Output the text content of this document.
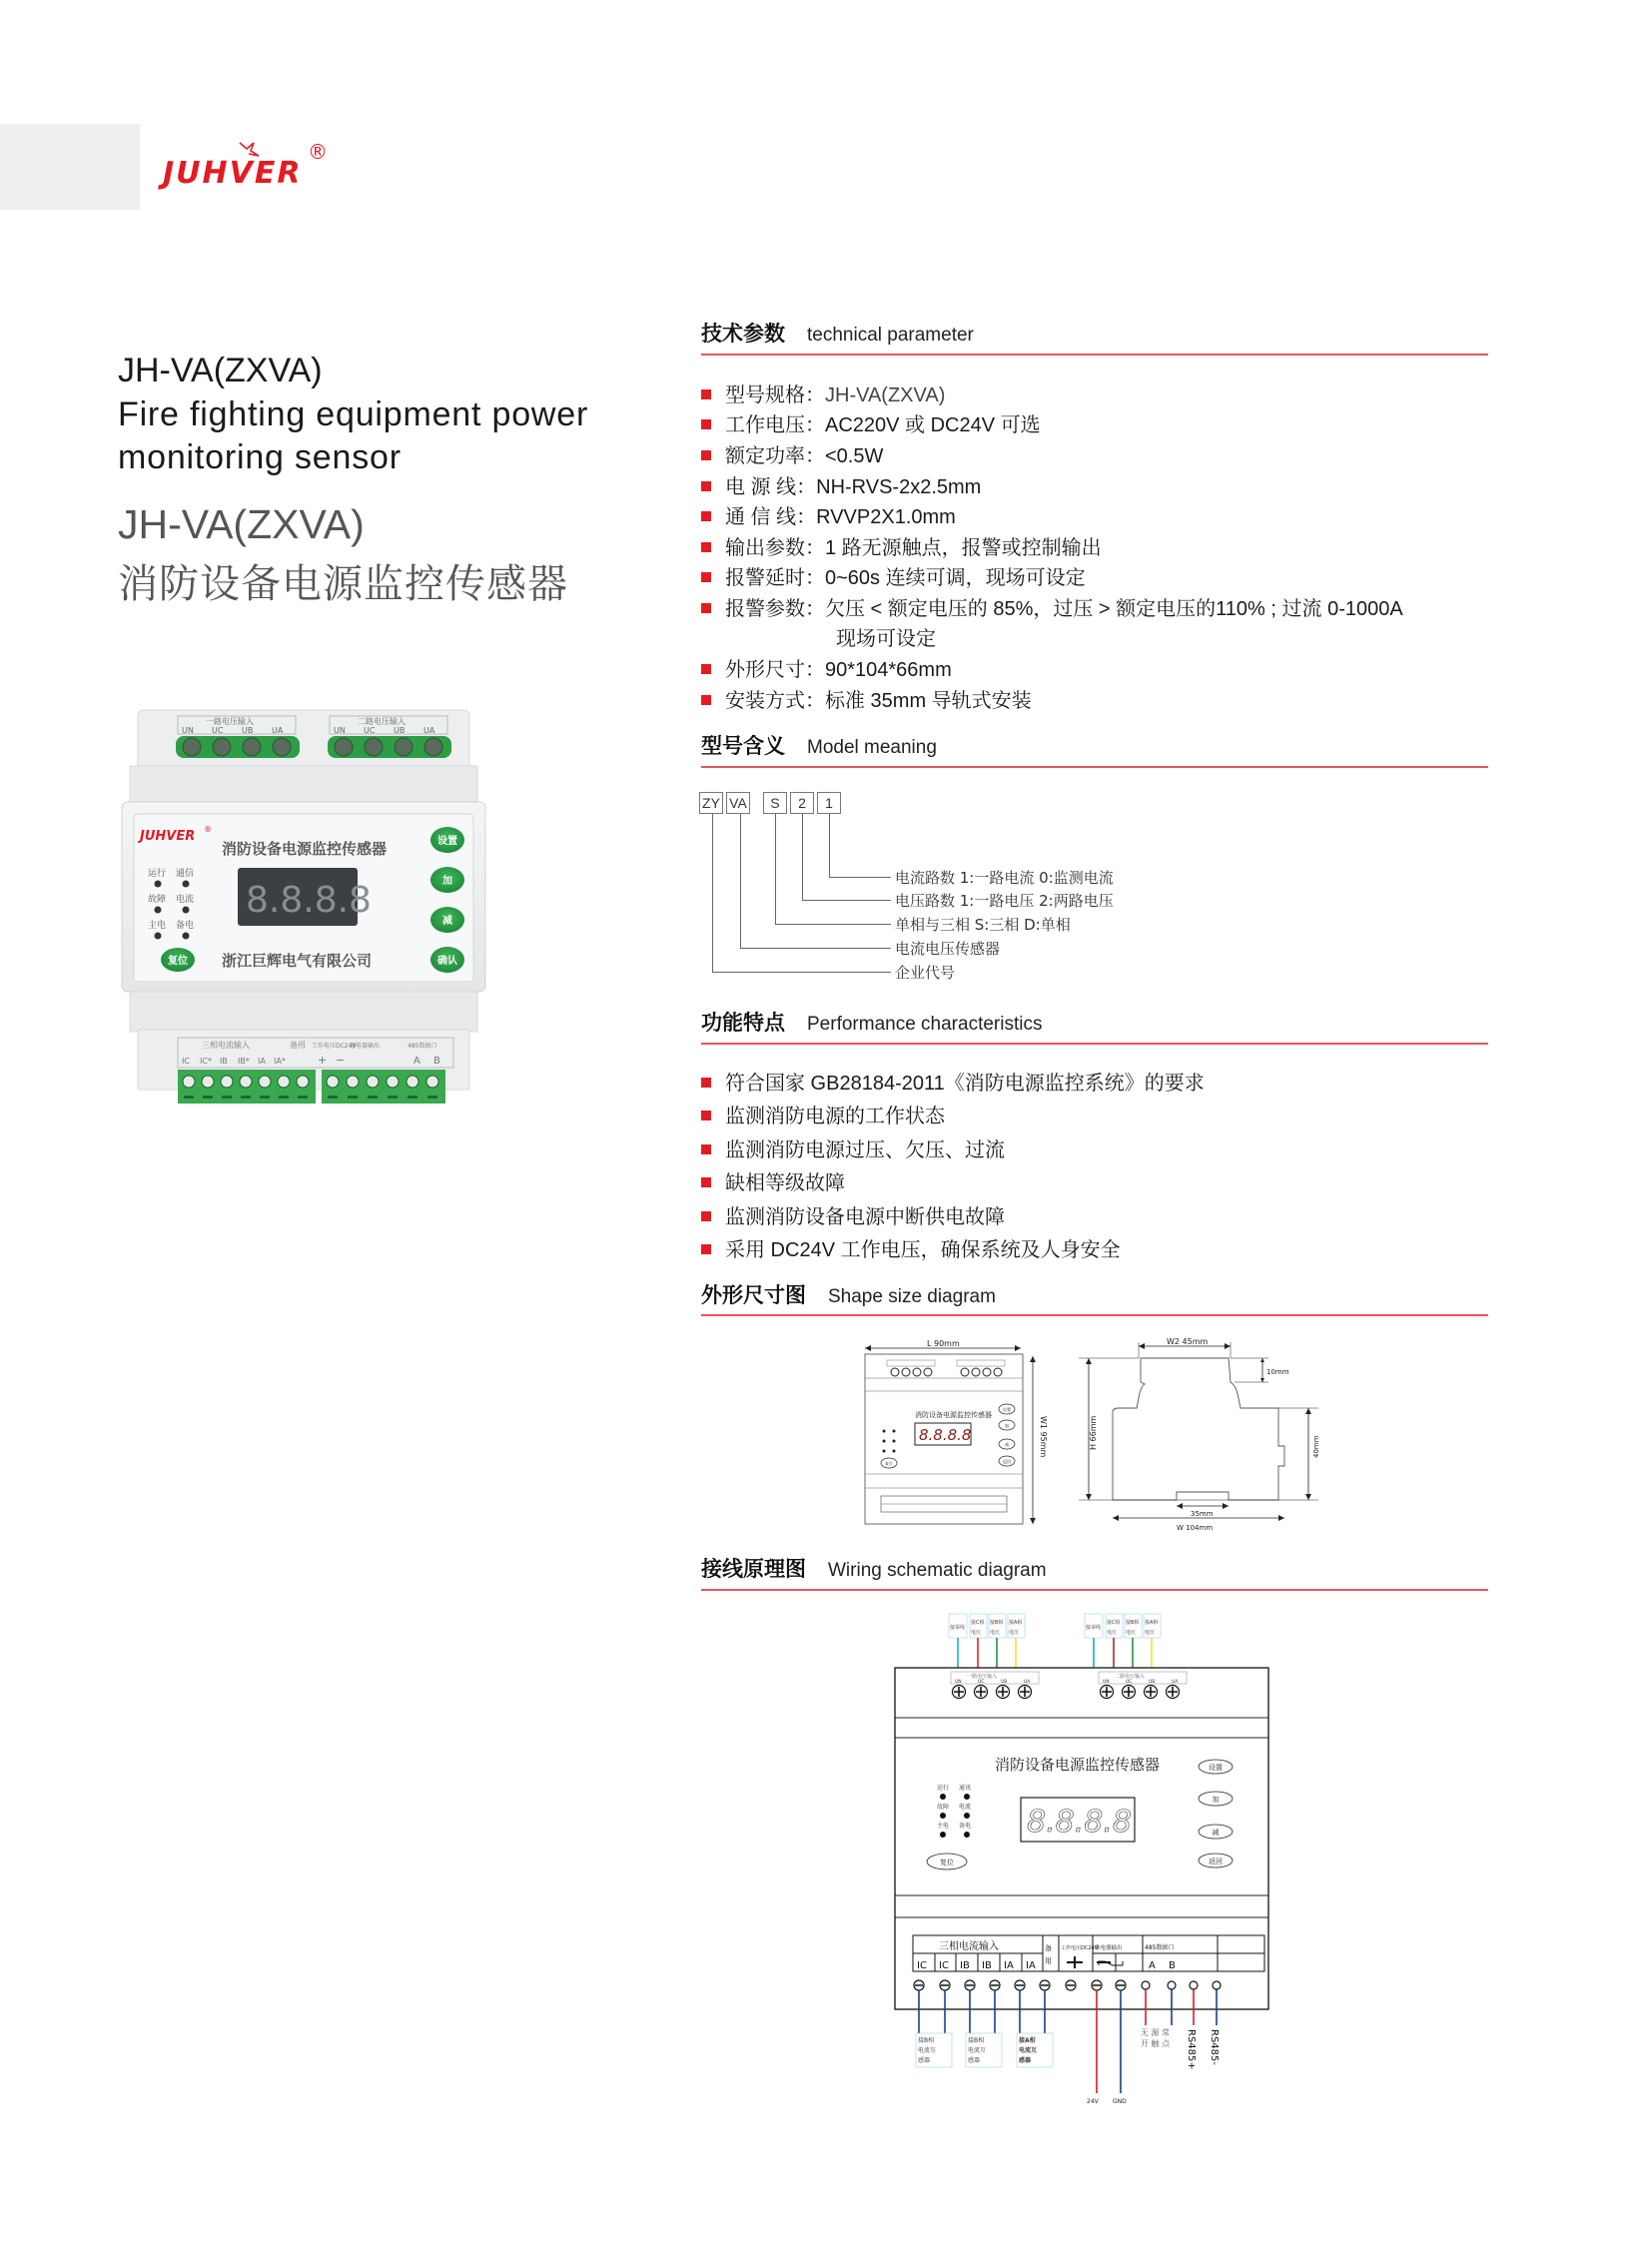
JUHVER
®
JH-VA(ZXVA)
Fire fighting equipment power
monitoring sensor
JH-VA(ZXVA)
消防设备电源监控传感器
一路电压输入	二路电压输入
UN UC UB UA	UN UC UB UA
JUHVER ®
消防设备电源监控传感器
8.8.8.8
运行 通信
故障 电流
主电 备电
设置
加
减
确认
复位 浙江巨辉电气有限公司
三相电流输入	备用 工作电压DC24V
继电器输出	485数据口
IC IC* IB IB* IA IA*	+ −	A B
技术参数 technical parameter
型号规格：JH-VA(ZXVA)
工作电压：AC220V 或 DC24V 可选
额定功率：<0.5W
电 源 线：NH-RVS-2x2.5mm
通 信 线：RVVP2X1.0mm
输出参数：1 路无源触点，报警或控制输出
报警延时：0~60s 连续可调，现场可设定
报警参数：欠压 < 额定电压的 85%，过压 > 额定电压的110% ; 过流 0-1000A
现场可设定
外形尺寸：90*104*66mm
安装方式：标准 35mm 导轨式安装
型号含义 Model meaning
ZY VA	S	2	1
电流路数 1:一路电流 0:监测电流
电压路数 1:一路电压 2:两路电压
单相与三相 S:三相 D:单相
电流电压传感器
企业代号
功能特点 Performance characteristics
符合国家 GB28184-2011《消防电源监控系统》的要求
监测消防电源的工作状态
监测消防电源过压、欠压、过流
缺相等级故障
监测消防设备电源中断供电故障
采用 DC24V 工作电压，确保系统及人身安全
外形尺寸图 Shape size diagram
L 90mm
消防设备电源监控传感器
8.8.8.8
复位
设置
加
减
返回
W1 95mm
W2 45mm
10mm
H 66mm	40mm
35mm
W 104mm
接线原理图 Wiring schematic diagram
接零线
接C相
电压
接B相
电压
接A相
电压
接零线
接C相
电压
接B相
电压
接A相
电压
一路电压输入	二路电压输入
UN	UC	UB	UA	UN	UC	UB	UA
消防设备电源监控传感器
8.8.8.8
运行 通讯
故障 电流
主电 备电
复位
设置
加
减
返回
三相电流输入
IC IC IB IB IA IA
备
用
工作电压DC24V
继电器输出	485数据口
A B
接B相
电流互
感器
接B相
电流互
感器
接A相
电流互
感器
24V GND
无 源 常
开 触 点 RS485+ RS485-
